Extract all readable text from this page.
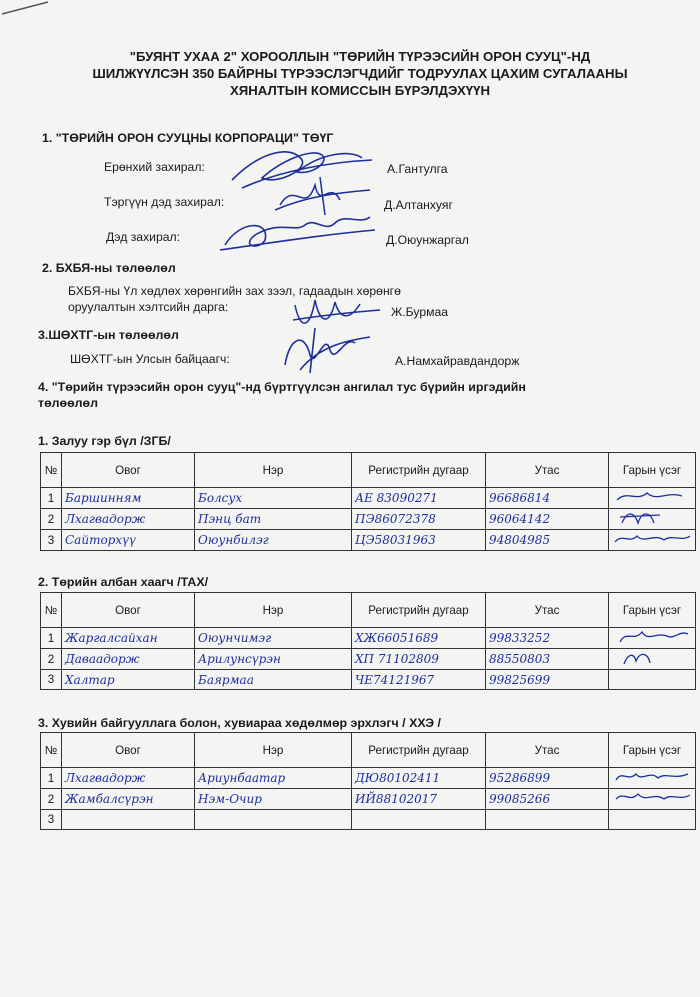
"БУЯНТ УХАА 2" ХОРООЛЛЫН "ТӨРИЙН ТҮРЭЭСИЙН ОРОН СУУЦ"-НД
ШИЛЖҮҮЛСЭН 350 БАЙРНЫ ТҮРЭЭСЛЭГЧДИЙГ ТОДРУУЛАХ ЦАХИМ СУГАЛААНЫ
ХЯНАЛТЫН КОМИССЫН БҮРЭЛДЭХҮҮН
1. "ТӨРИЙН ОРОН СУУЦНЫ КОРПОРАЦИ" ТӨҮГ
Ерөнхий захирал:	А.Гантулга
Тэргүүн дэд захирал:	Д.Алтанхуяг
Дэд захирал:	Д.Оюунжаргал
2. БХБЯ-ны төлөөлөл
БХБЯ-ны Үл хөдлөх хөрөнгийн зах зээл, гадаадын хөрөнгө
оруулалтын хэлтсийн дарга:	Ж.Бурмаа
3.ШӨХТГ-ын төлөөлөл
ШӨХТГ-ын Улсын байцаагч:	А.Намхайравдандорж
4. "Төрийн түрээсийн орон сууц"-нд бүртгүүлсэн ангилал тус бүрийн иргэдийн
төлөөлөл
1. Залуу гэр бүл /ЗГБ/
№	Овог	Нэр	Регистрийн дугаар	Утас	Гарын үсэг
1	Баршинням	Болсух	АЕ 83090271	96686814	
2	Лхагвадорж	Пэнц бат	ПЭ86072378	96064142	
3	Сайторхүү	Оюунбилэг	ЦЭ58031963	94804985	
2. Төрийн албан хаагч /ТАХ/
№	Овог	Нэр	Регистрийн дугаар	Утас	Гарын үсэг
1	Жаргалсайхан	Оюунчимэг	ХЖ66051689	99833252	
2	Даваадорж	Арилунсүрэн	ХП 71102809	88550803	
3	Халтар	Баярмаа	ЧЕ74121967	99825699	
3. Хувийн байгууллага болон, хувиараа хөдөлмөр эрхлэгч / ХХЭ /
№	Овог	Нэр	Регистрийн дугаар	Утас	Гарын үсэг
1	Лхагвадорж	Ариунбаатар	ДЮ80102411	95286899	
2	Жамбалсүрэн	Нэм-Очир	ИЙ88102017	99085266	
3					
